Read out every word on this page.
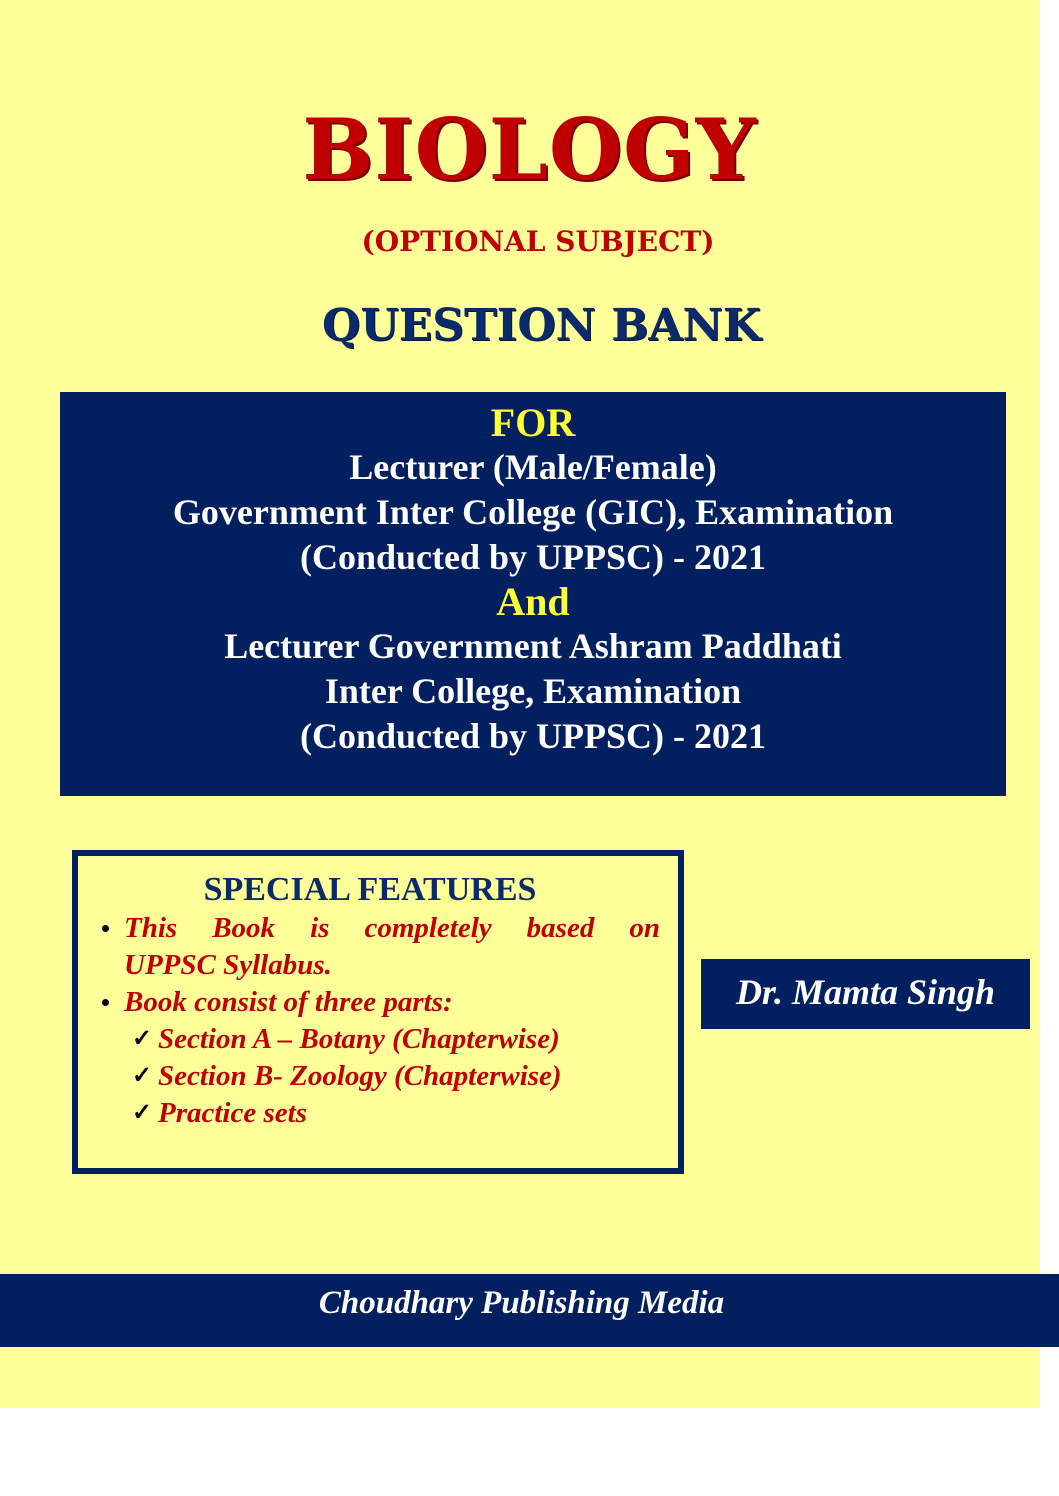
BIOLOGY
(OPTIONAL SUBJECT)
QUESTION BANK
FOR
Lecturer (Male/Female)
Government Inter College (GIC), Examination
(Conducted by UPPSC) - 2021
And
Lecturer Government Ashram Paddhati
Inter College, Examination
(Conducted by UPPSC) - 2021
SPECIAL FEATURES
This Book is completely based on
UPPSC Syllabus.
Book consist of three parts:
✓ Section A – Botany (Chapterwise)
✓ Section B- Zoology (Chapterwise)
✓ Practice sets
Dr. Mamta Singh
Choudhary Publishing Media
